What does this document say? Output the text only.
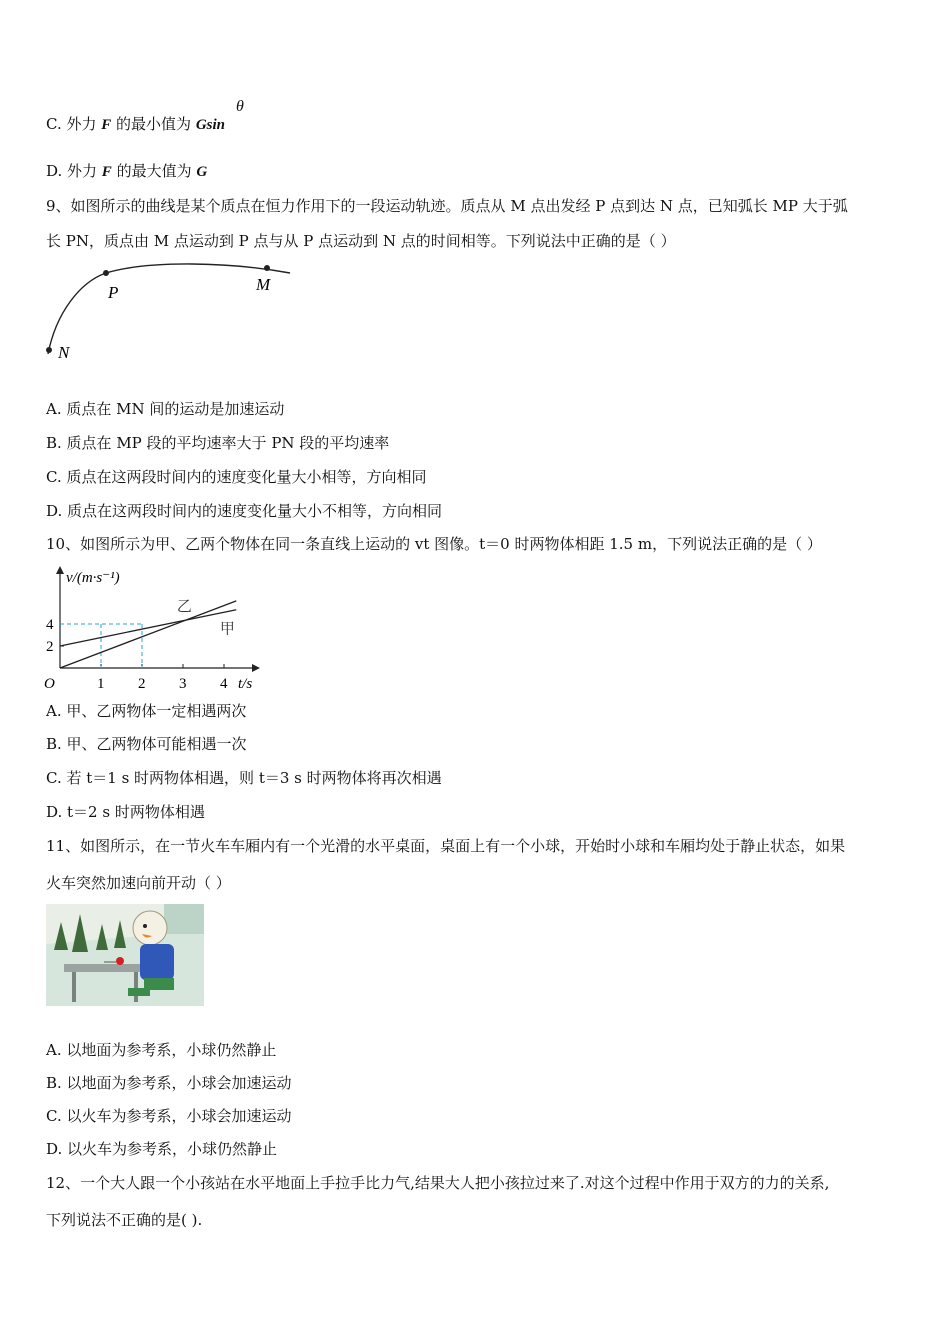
C. 外力 F 的最小值为 Gsin
θ
D. 外力 F 的最大值为 G
9、如图所示的曲线是某个质点在恒力作用下的一段运动轨迹。质点从 M 点出发经 P 点到达 N 点，已知弧长 MP 大于弧
长 PN，质点由 M 点运动到 P 点与从 P 点运动到 N 点的时间相等。下列说法中正确的是（ ）
P	M
N
A. 质点在 MN 间的运动是加速运动
B. 质点在 MP 段的平均速率大于 PN 段的平均速率
C. 质点在这两段时间内的速度变化量大小相等，方向相同
D. 质点在这两段时间内的速度变化量大小不相等，方向相同
10、如图所示为甲、乙两个物体在同一条直线上运动的 vt 图像。t＝0 时两物体相距 1.5 m，下列说法正确的是（ ）
1 2 3 4
2
4	甲
乙
v/(m·s⁻¹)
t/s
O
A. 甲、乙两物体一定相遇两次
B. 甲、乙两物体可能相遇一次
C. 若 t＝1 s 时两物体相遇，则 t＝3 s 时两物体将再次相遇
D. t＝2 s 时两物体相遇
11、如图所示，在一节火车车厢内有一个光滑的水平桌面，桌面上有一个小球，开始时小球和车厢均处于静止状态，如果
火车突然加速向前开动（ ）
A. 以地面为参考系，小球仍然静止
B. 以地面为参考系，小球会加速运动
C. 以火车为参考系，小球会加速运动
D. 以火车为参考系，小球仍然静止
12、一个大人跟一个小孩站在水平地面上手拉手比力气,结果大人把小孩拉过来了.对这个过程中作用于双方的力的关系,
下列说法不正确的是( ).
